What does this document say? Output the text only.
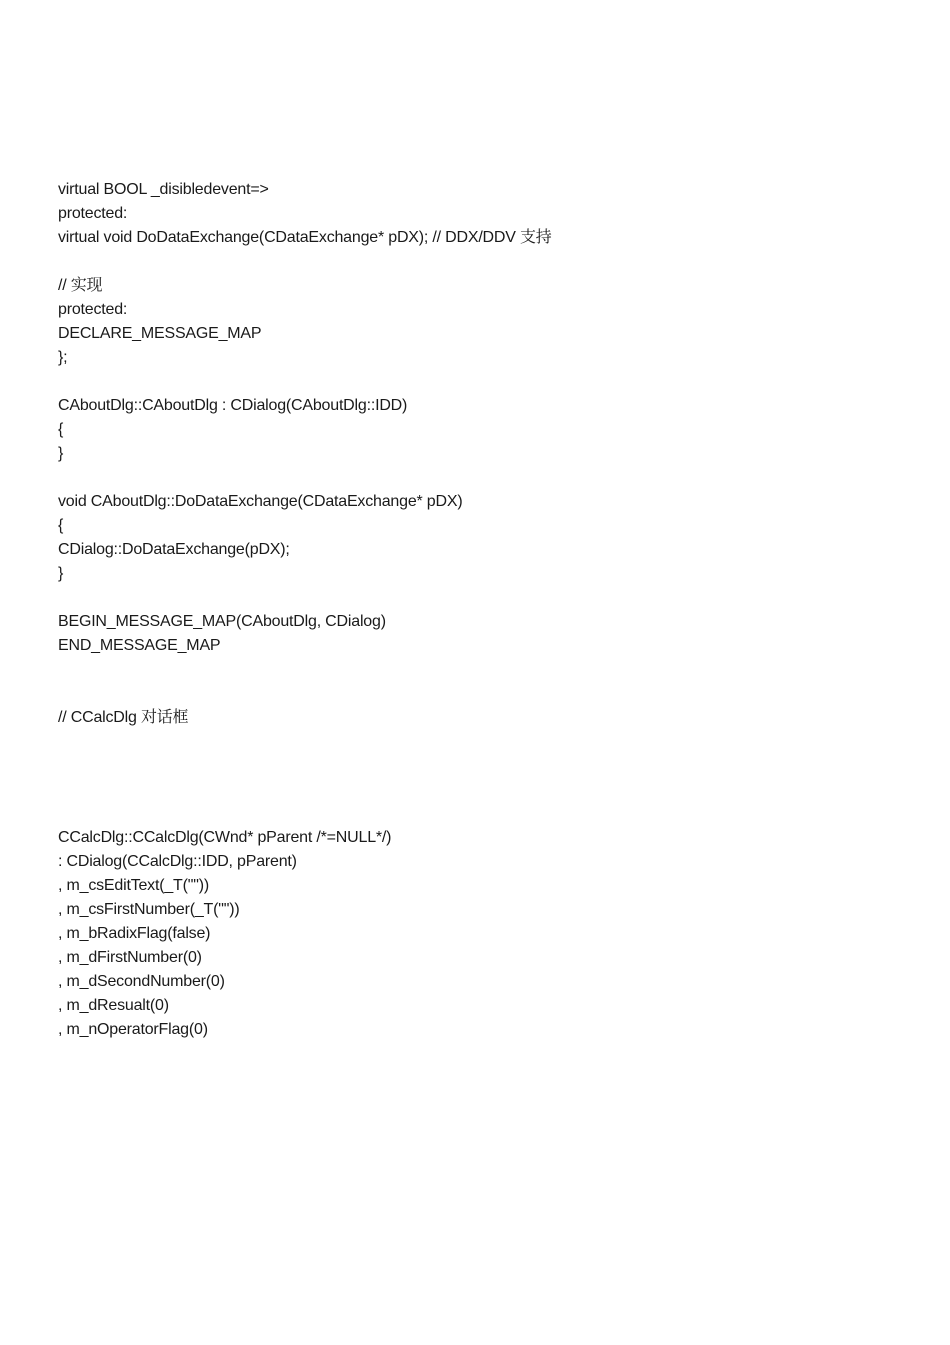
virtual BOOL _disibledevent=>
protected:
virtual void DoDataExchange(CDataExchange* pDX); // DDX/DDV 支持
// 实现
protected:
DECLARE_MESSAGE_MAP
};
CAboutDlg::CAboutDlg : CDialog(CAboutDlg::IDD)
{
}
void CAboutDlg::DoDataExchange(CDataExchange* pDX)
{
CDialog::DoDataExchange(pDX);
}
BEGIN_MESSAGE_MAP(CAboutDlg, CDialog)
END_MESSAGE_MAP
// CCalcDlg 对话框
CCalcDlg::CCalcDlg(CWnd* pParent /*=NULL*/)
: CDialog(CCalcDlg::IDD, pParent)
, m_csEditText(_T(""))
, m_csFirstNumber(_T(""))
, m_bRadixFlag(false)
, m_dFirstNumber(0)
, m_dSecondNumber(0)
, m_dResualt(0)
, m_nOperatorFlag(0)
